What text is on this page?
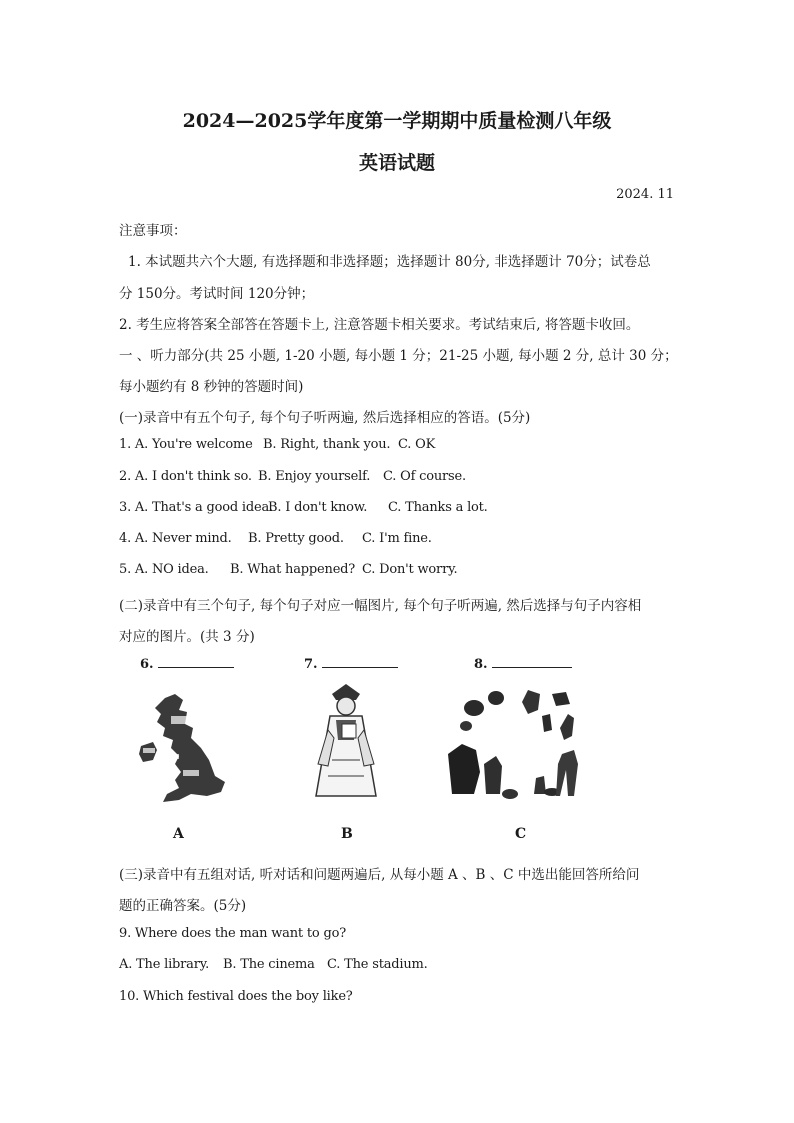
2024—2025学年度第一学期期中质量检测八年级
英语试题
2024. 11
注意事项：
1. 本试题共六个大题, 有选择题和非选择题；选择题计 80分, 非选择题计 70分；试卷总
分 150分。考试时间 120分钟；
2. 考生应将答案全部答在答题卡上, 注意答题卡相关要求。考试结束后, 将答题卡收回。
一 、听力部分(共 25 小题, 1-20 小题, 每小题 1 分；21-25 小题, 每小题 2 分, 总计 30 分；
每小题约有 8 秒钟的答题时间)
(一)录音中有五个句子, 每个句子听两遍, 然后选择相应的答语。(5分)
1. A. You're welcome B. Right, thank you. C. OK
2. A. I don't think so. B. Enjoy yourself. C. Of course.
3. A. That's a good idea.
B. I don't know. C. Thanks a lot.
4. A. Never mind. B. Pretty good. C. I'm fine.
5. A. NO idea. B. What happened? C. Don't worry.
(二)录音中有三个句子, 每个句子对应一幅图片, 每个句子听两遍, 然后选择与句子内容相
对应的图片。(共 3 分)
6.	7.	8.
A	B	C
(三)录音中有五组对话, 听对话和问题两遍后, 从每小题 A 、B 、C 中选出能回答所给问
题的正确答案。(5分)
9. Where does the man want to go?
A. The library. B. The cinema C. The stadium.
10. Which festival does the boy like?
